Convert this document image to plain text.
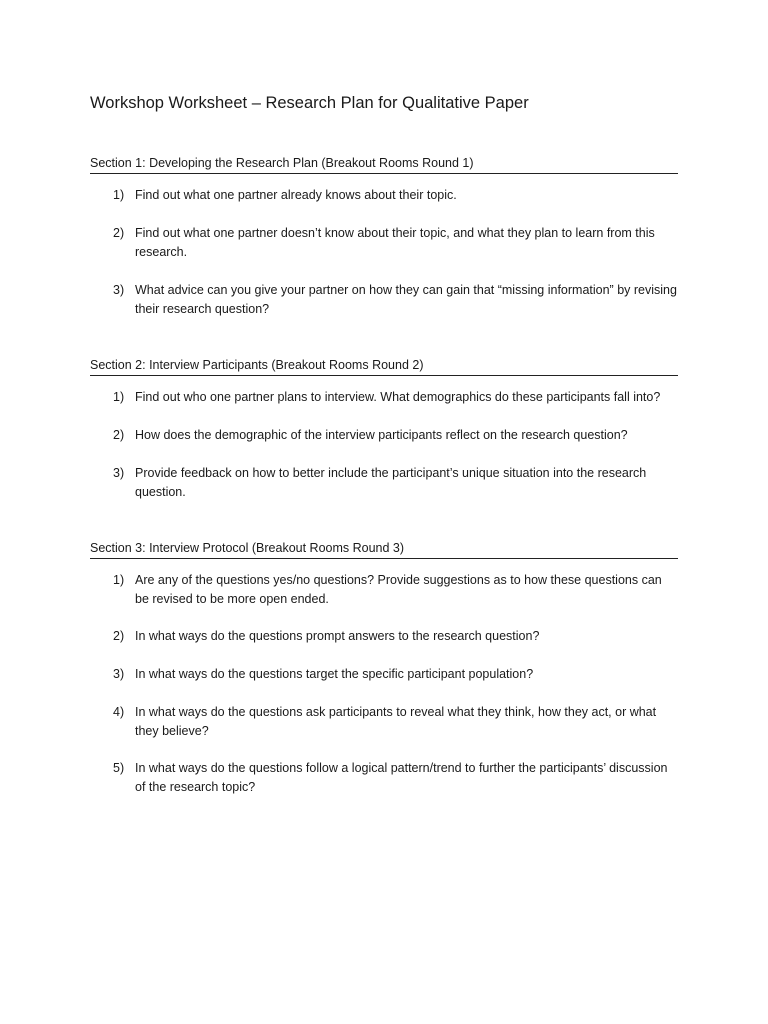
Workshop Worksheet – Research Plan for Qualitative Paper
Section 1: Developing the Research Plan (Breakout Rooms Round 1)
1) Find out what one partner already knows about their topic.
2) Find out what one partner doesn’t know about their topic, and what they plan to learn from this research.
3) What advice can you give your partner on how they can gain that “missing information” by revising their research question?
Section 2: Interview Participants (Breakout Rooms Round 2)
1) Find out who one partner plans to interview. What demographics do these participants fall into?
2) How does the demographic of the interview participants reflect on the research question?
3) Provide feedback on how to better include the participant’s unique situation into the research question.
Section 3: Interview Protocol (Breakout Rooms Round 3)
1) Are any of the questions yes/no questions? Provide suggestions as to how these questions can be revised to be more open ended.
2) In what ways do the questions prompt answers to the research question?
3) In what ways do the questions target the specific participant population?
4) In what ways do the questions ask participants to reveal what they think, how they act, or what they believe?
5) In what ways do the questions follow a logical pattern/trend to further the participants’ discussion of the research topic?
